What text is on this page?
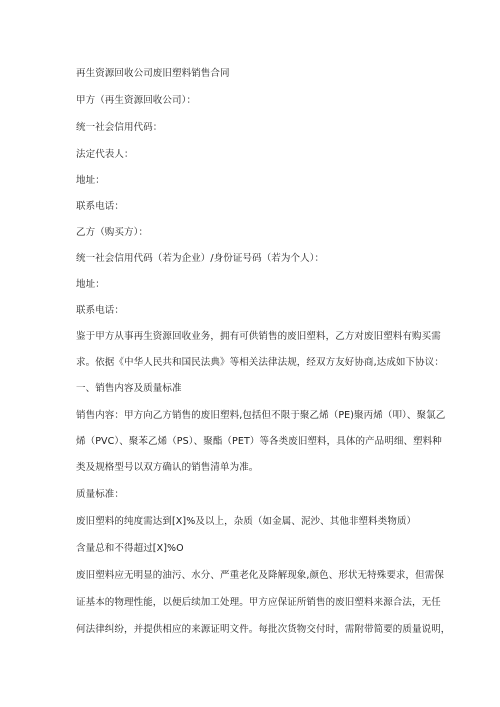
再生资源回收公司废旧塑料销售合同
甲方（再生资源回收公司）：
统一社会信用代码：
法定代表人：
地址：
联系电话：
乙方（购买方）：
统一社会信用代码（若为企业）/身份证号码（若为个人）：
地址：
联系电话：
鉴于甲方从事再生资源回收业务，拥有可供销售的废旧塑料，乙方对废旧塑料有购买需
求。依据《中华人民共和国民法典》等相关法律法规，经双方友好协商,达成如下协议：
一、销售内容及质量标准
销售内容：甲方向乙方销售的废旧塑料,包括但不限于聚乙烯（PE)聚丙烯（叩）、聚氯乙
烯（PVC）、聚苯乙烯（PS）、聚酯（PET）等各类废旧塑料，具体的产品明细、塑料种
类及规格型号以双方确认的销售清单为准。
质量标准：
废旧塑料的纯度需达到[X]%及以上，杂质（如金属、泥沙、其他非塑料类物质）
含量总和不得超过[X]%O
废旧塑料应无明显的油污、水分、严重老化及降解现象,颜色、形状无特殊要求，但需保
证基本的物理性能，以便后续加工处理。甲方应保证所销售的废旧塑料来源合法，无任
何法律纠纷，并提供相应的来源证明文件。每批次货物交付时，需附带简要的质量说明，
